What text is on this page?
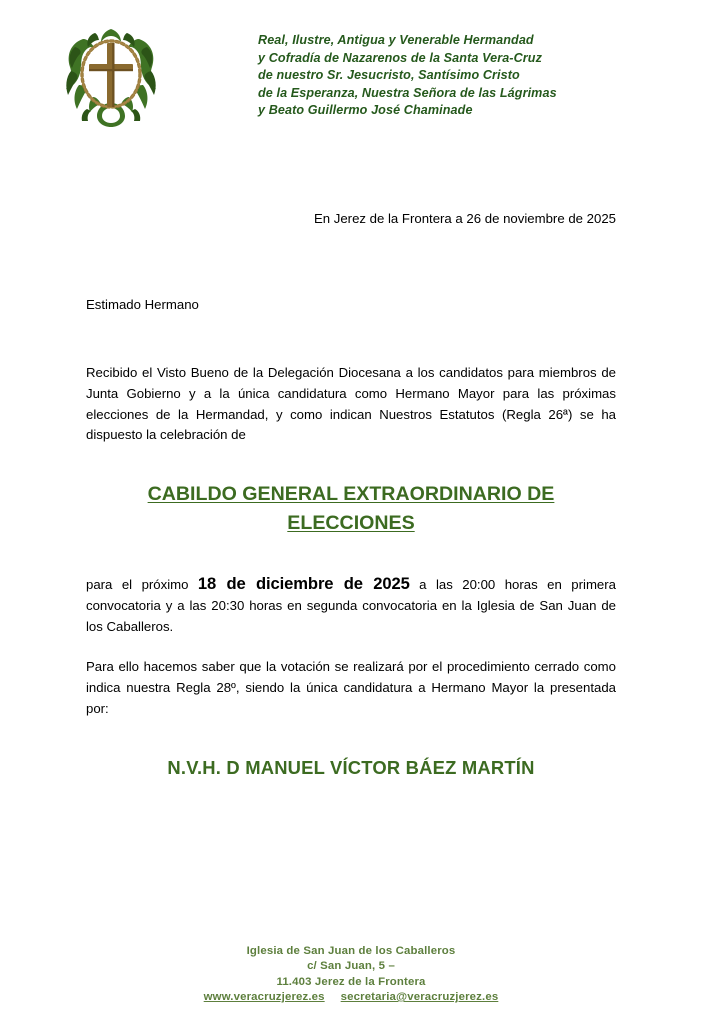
Real, Ilustre, Antigua y Venerable Hermandad
y Cofradía de Nazarenos de la Santa Vera-Cruz
de nuestro Sr. Jesucristo, Santísimo Cristo
de la Esperanza, Nuestra Señora de las Lágrimas
y Beato Guillermo José Chaminade
En Jerez de la Frontera a 26 de noviembre de 2025
Estimado Hermano
Recibido el Visto Bueno de la Delegación Diocesana a los candidatos para miembros de Junta Gobierno y a la única candidatura como Hermano Mayor para las próximas elecciones de la Hermandad, y como indican Nuestros Estatutos (Regla 26ª) se ha dispuesto la celebración de
CABILDO GENERAL EXTRAORDINARIO DE
ELECCIONES
para el próximo 18 de diciembre de 2025 a las 20:00 horas en primera convocatoria y a las 20:30 horas en segunda convocatoria en la Iglesia de San Juan de los Caballeros.
Para ello hacemos saber que la votación se realizará por el procedimiento cerrado como indica nuestra Regla 28º, siendo la única candidatura a Hermano Mayor la presentada por:
N.V.H. D MANUEL VÍCTOR BÁEZ MARTÍN
Iglesia de San Juan de los Caballeros
c/ San Juan, 5 –
11.403 Jerez de la Frontera
www.veracruzjerez.es secretaria@veracruzjerez.es
